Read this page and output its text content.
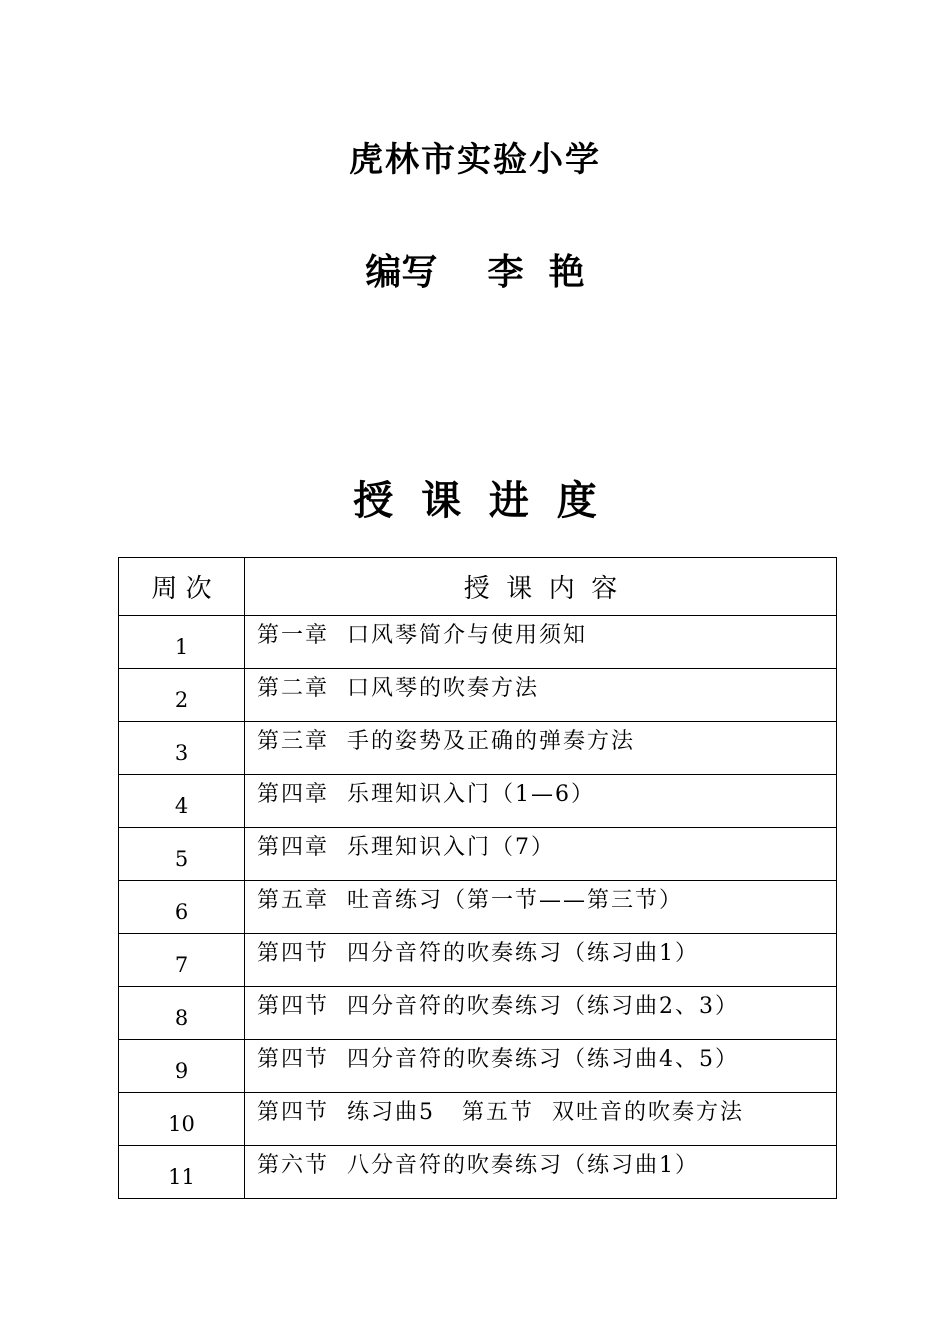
虎林市实验小学
编写    李  艳
授  课  进  度
周 次	授  课  内  容
1	第一章  口风琴简介与使用须知
2	第二章  口风琴的吹奏方法
3	第三章  手的姿势及正确的弹奏方法
4	第四章  乐理知识入门（1—6）
5	第四章  乐理知识入门（7）
6	第五章  吐音练习（第一节——第三节）
7	第四节  四分音符的吹奏练习（练习曲1）
8	第四节  四分音符的吹奏练习（练习曲2、3）
9	第四节  四分音符的吹奏练习（练习曲4、5）
10	第四节  练习曲5   第五节  双吐音的吹奏方法
11	第六节  八分音符的吹奏练习（练习曲1）
